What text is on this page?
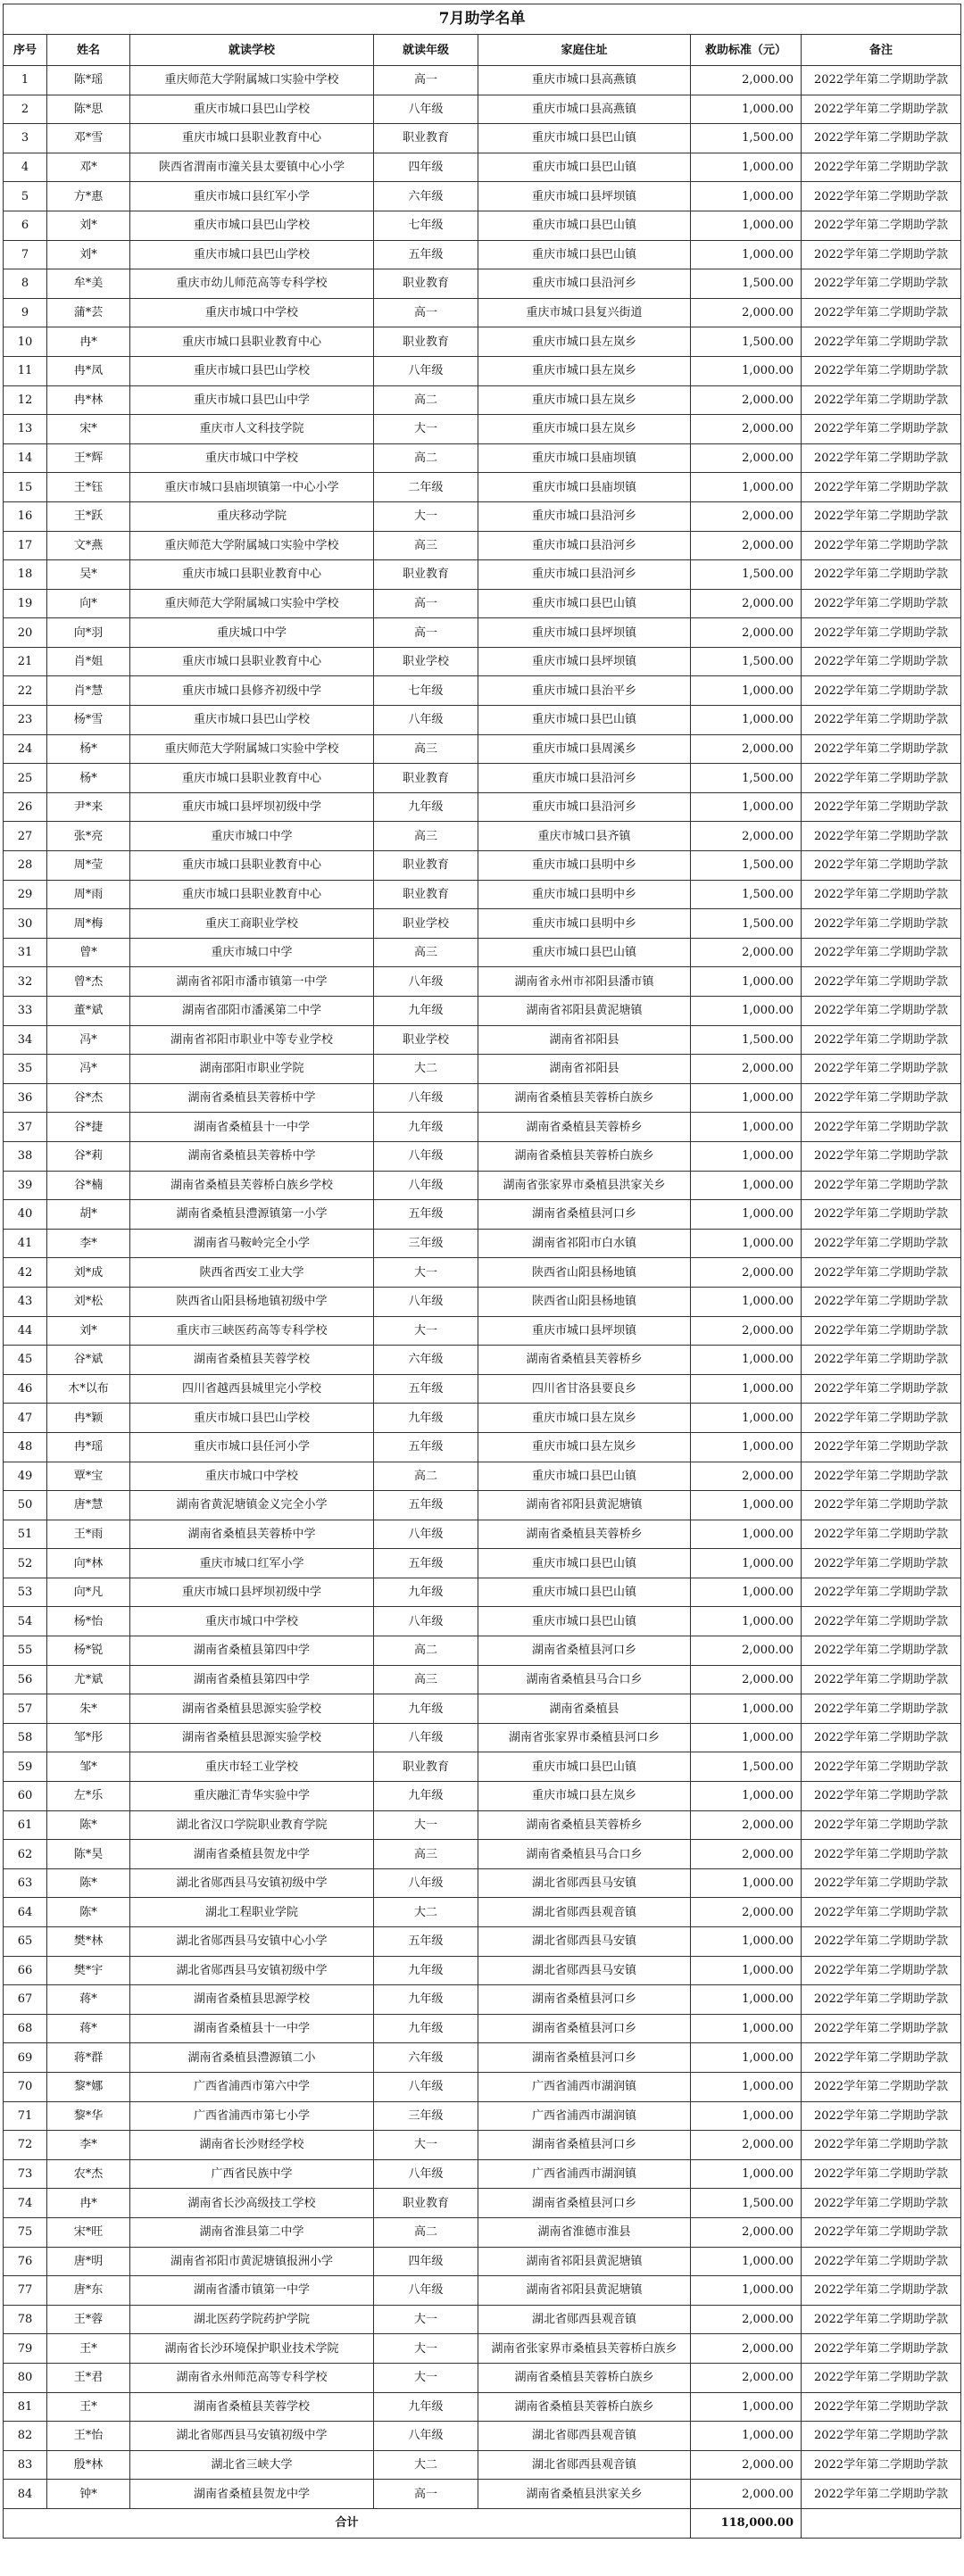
7月助学名单						
序号	姓名	就读学校	就读年级	家庭住址	救助标准（元）	备注
1	陈*瑶	重庆师范大学附属城口实验中学校	高一	重庆市城口县高燕镇	2,000.00	2022学年第二学期助学款
2	陈*思	重庆市城口县巴山学校	八年级	重庆市城口县高燕镇	1,000.00	2022学年第二学期助学款
3	邓*雪	重庆市城口县职业教育中心	职业教育	重庆市城口县巴山镇	1,500.00	2022学年第二学期助学款
4	邓*	陕西省渭南市潼关县太要镇中心小学	四年级	重庆市城口县巴山镇	1,000.00	2022学年第二学期助学款
5	方*惠	重庆市城口县红军小学	六年级	重庆市城口县坪坝镇	1,000.00	2022学年第二学期助学款
6	刘*	重庆市城口县巴山学校	七年级	重庆市城口县巴山镇	1,000.00	2022学年第二学期助学款
7	刘*	重庆市城口县巴山学校	五年级	重庆市城口县巴山镇	1,000.00	2022学年第二学期助学款
8	牟*美	重庆市幼儿师范高等专科学校	职业教育	重庆市城口县沿河乡	1,500.00	2022学年第二学期助学款
9	蒲*芸	重庆市城口中学校	高一	重庆市城口县复兴街道	2,000.00	2022学年第二学期助学款
10	冉*	重庆市城口县职业教育中心	职业教育	重庆市城口县左岚乡	1,500.00	2022学年第二学期助学款
11	冉*凤	重庆市城口县巴山学校	八年级	重庆市城口县左岚乡	1,000.00	2022学年第二学期助学款
12	冉*林	重庆市城口县巴山中学	高二	重庆市城口县左岚乡	2,000.00	2022学年第二学期助学款
13	宋*	重庆市人文科技学院	大一	重庆市城口县左岚乡	2,000.00	2022学年第二学期助学款
14	王*辉	重庆市城口中学校	高二	重庆市城口县庙坝镇	2,000.00	2022学年第二学期助学款
15	王*钰	重庆市城口县庙坝镇第一中心小学	二年级	重庆市城口县庙坝镇	1,000.00	2022学年第二学期助学款
16	王*跃	重庆移动学院	大一	重庆市城口县沿河乡	2,000.00	2022学年第二学期助学款
17	文*燕	重庆师范大学附属城口实验中学校	高三	重庆市城口县沿河乡	2,000.00	2022学年第二学期助学款
18	吴*	重庆市城口县职业教育中心	职业教育	重庆市城口县沿河乡	1,500.00	2022学年第二学期助学款
19	向*	重庆师范大学附属城口实验中学校	高一	重庆市城口县巴山镇	2,000.00	2022学年第二学期助学款
20	向*羽	重庆城口中学	高一	重庆市城口县坪坝镇	2,000.00	2022学年第二学期助学款
21	肖*姐	重庆市城口县职业教育中心	职业学校	重庆市城口县坪坝镇	1,500.00	2022学年第二学期助学款
22	肖*慧	重庆市城口县修齐初级中学	七年级	重庆市城口县治平乡	1,000.00	2022学年第二学期助学款
23	杨*雪	重庆市城口县巴山学校	八年级	重庆市城口县巴山镇	1,000.00	2022学年第二学期助学款
24	杨*	重庆师范大学附属城口实验中学校	高三	重庆市城口县周溪乡	2,000.00	2022学年第二学期助学款
25	杨*	重庆市城口县职业教育中心	职业教育	重庆市城口县沿河乡	1,500.00	2022学年第二学期助学款
26	尹*来	重庆市城口县坪坝初级中学	九年级	重庆市城口县沿河乡	1,000.00	2022学年第二学期助学款
27	张*亮	重庆市城口中学	高三	重庆市城口县齐镇	2,000.00	2022学年第二学期助学款
28	周*莹	重庆市城口县职业教育中心	职业教育	重庆市城口县明中乡	1,500.00	2022学年第二学期助学款
29	周*雨	重庆市城口县职业教育中心	职业教育	重庆市城口县明中乡	1,500.00	2022学年第二学期助学款
30	周*梅	重庆工商职业学校	职业学校	重庆市城口县明中乡	1,500.00	2022学年第二学期助学款
31	曾*	重庆市城口中学	高三	重庆市城口县巴山镇	2,000.00	2022学年第二学期助学款
32	曾*杰	湖南省祁阳市潘市镇第一中学	八年级	湖南省永州市祁阳县潘市镇	1,000.00	2022学年第二学期助学款
33	董*斌	湖南省邵阳市潘溪第二中学	九年级	湖南省祁阳县黄泥塘镇	1,000.00	2022学年第二学期助学款
34	冯*	湖南省祁阳市职业中等专业学校	职业学校	湖南省祁阳县	1,500.00	2022学年第二学期助学款
35	冯*	湖南邵阳市职业学院	大二	湖南省祁阳县	2,000.00	2022学年第二学期助学款
36	谷*杰	湖南省桑植县芙蓉桥中学	八年级	湖南省桑植县芙蓉桥白族乡	1,000.00	2022学年第二学期助学款
37	谷*捷	湖南省桑植县十一中学	九年级	湖南省桑植县芙蓉桥乡	1,000.00	2022学年第二学期助学款
38	谷*莉	湖南省桑植县芙蓉桥中学	八年级	湖南省桑植县芙蓉桥白族乡	1,000.00	2022学年第二学期助学款
39	谷*楠	湖南省桑植县芙蓉桥白族乡学校	八年级	湖南省张家界市桑植县洪家关乡	1,000.00	2022学年第二学期助学款
40	胡*	湖南省桑植县澧源镇第一小学	五年级	湖南省桑植县河口乡	1,000.00	2022学年第二学期助学款
41	李*	湖南省马鞍岭完全小学	三年级	湖南省祁阳市白水镇	1,000.00	2022学年第二学期助学款
42	刘*成	陕西省西安工业大学	大一	陕西省山阳县杨地镇	2,000.00	2022学年第二学期助学款
43	刘*松	陕西省山阳县杨地镇初级中学	八年级	陕西省山阳县杨地镇	1,000.00	2022学年第二学期助学款
44	刘*	重庆市三峡医药高等专科学校	大一	重庆市城口县坪坝镇	2,000.00	2022学年第二学期助学款
45	谷*斌	湖南省桑植县芙蓉学校	六年级	湖南省桑植县芙蓉桥乡	1,000.00	2022学年第二学期助学款
46	木*以布	四川省越西县城里完小学校	五年级	四川省甘洛县要良乡	1,000.00	2022学年第二学期助学款
47	冉*颖	重庆市城口县巴山学校	九年级	重庆市城口县左岚乡	1,000.00	2022学年第二学期助学款
48	冉*瑶	重庆市城口县任河小学	五年级	重庆市城口县左岚乡	1,000.00	2022学年第二学期助学款
49	覃*宝	重庆市城口中学校	高二	重庆市城口县巴山镇	2,000.00	2022学年第二学期助学款
50	唐*慧	湖南省黄泥塘镇金义完全小学	五年级	湖南省祁阳县黄泥塘镇	1,000.00	2022学年第二学期助学款
51	王*雨	湖南省桑植县芙蓉桥中学	八年级	湖南省桑植县芙蓉桥乡	1,000.00	2022学年第二学期助学款
52	向*林	重庆市城口红军小学	五年级	重庆市城口县巴山镇	1,000.00	2022学年第二学期助学款
53	向*凡	重庆市城口县坪坝初级中学	九年级	重庆市城口县巴山镇	1,000.00	2022学年第二学期助学款
54	杨*怡	重庆市城口中学校	八年级	重庆市城口县巴山镇	1,000.00	2022学年第二学期助学款
55	杨*锐	湖南省桑植县第四中学	高二	湖南省桑植县河口乡	2,000.00	2022学年第二学期助学款
56	尤*斌	湖南省桑植县第四中学	高三	湖南省桑植县马合口乡	2,000.00	2022学年第二学期助学款
57	朱*	湖南省桑植县思源实验学校	九年级	湖南省桑植县	1,000.00	2022学年第二学期助学款
58	邹*彤	湖南省桑植县思源实验学校	八年级	湖南省张家界市桑植县河口乡	1,000.00	2022学年第二学期助学款
59	邹*	重庆市轻工业学校	职业教育	重庆市城口县巴山镇	1,500.00	2022学年第二学期助学款
60	左*乐	重庆融汇青华实验中学	九年级	重庆市城口县左岚乡	1,000.00	2022学年第二学期助学款
61	陈*	湖北省汉口学院职业教育学院	大一	湖南省桑植县芙蓉桥乡	2,000.00	2022学年第二学期助学款
62	陈*昊	湖南省桑植县贺龙中学	高三	湖南省桑植县马合口乡	2,000.00	2022学年第二学期助学款
63	陈*	湖北省郧西县马安镇初级中学	八年级	湖北省郧西县马安镇	1,000.00	2022学年第二学期助学款
64	陈*	湖北工程职业学院	大二	湖北省郧西县观音镇	2,000.00	2022学年第二学期助学款
65	樊*林	湖北省郧西县马安镇中心小学	五年级	湖北省郧西县马安镇	1,000.00	2022学年第二学期助学款
66	樊*宇	湖北省郧西县马安镇初级中学	九年级	湖北省郧西县马安镇	1,000.00	2022学年第二学期助学款
67	蒋*	湖南省桑植县思源学校	九年级	湖南省桑植县河口乡	1,000.00	2022学年第二学期助学款
68	蒋*	湖南省桑植县十一中学	九年级	湖南省桑植县河口乡	1,000.00	2022学年第二学期助学款
69	蒋*群	湖南省桑植县澧源镇二小	六年级	湖南省桑植县河口乡	1,000.00	2022学年第二学期助学款
70	黎*娜	广西省浦西市第六中学	八年级	广西省浦西市湖润镇	1,000.00	2022学年第二学期助学款
71	黎*华	广西省浦西市第七小学	三年级	广西省浦西市湖润镇	1,000.00	2022学年第二学期助学款
72	李*	湖南省长沙财经学校	大一	湖南省桑植县河口乡	2,000.00	2022学年第二学期助学款
73	农*杰	广西省民族中学	八年级	广西省浦西市湖润镇	1,000.00	2022学年第二学期助学款
74	冉*	湖南省长沙高级技工学校	职业教育	湖南省桑植县河口乡	1,500.00	2022学年第二学期助学款
75	宋*旺	湖南省淮县第二中学	高二	湖南省淮德市淮县	2,000.00	2022学年第二学期助学款
76	唐*明	湖南省祁阳市黄泥塘镇报洲小学	四年级	湖南省祁阳县黄泥塘镇	1,000.00	2022学年第二学期助学款
77	唐*东	湖南省潘市镇第一中学	八年级	湖南省祁阳县黄泥塘镇	1,000.00	2022学年第二学期助学款
78	王*蓉	湖北医药学院药护学院	大一	湖北省郧西县观音镇	2,000.00	2022学年第二学期助学款
79	王*	湖南省长沙环境保护职业技术学院	大一	湖南省张家界市桑植县芙蓉桥白族乡	2,000.00	2022学年第二学期助学款
80	王*君	湖南省永州师范高等专科学校	大一	湖南省桑植县芙蓉桥白族乡	2,000.00	2022学年第二学期助学款
81	王*	湖南省桑植县芙蓉学校	九年级	湖南省桑植县芙蓉桥白族乡	1,000.00	2022学年第二学期助学款
82	王*怡	湖北省郧西县马安镇初级中学	八年级	湖北省郧西县观音镇	1,000.00	2022学年第二学期助学款
83	殷*林	湖北省三峡大学	大二	湖北省郧西县观音镇	2,000.00	2022学年第二学期助学款
84	钟*	湖南省桑植县贺龙中学	高一	湖南省桑植县洪家关乡	2,000.00	2022学年第二学期助学款
合计					118,000.00	
